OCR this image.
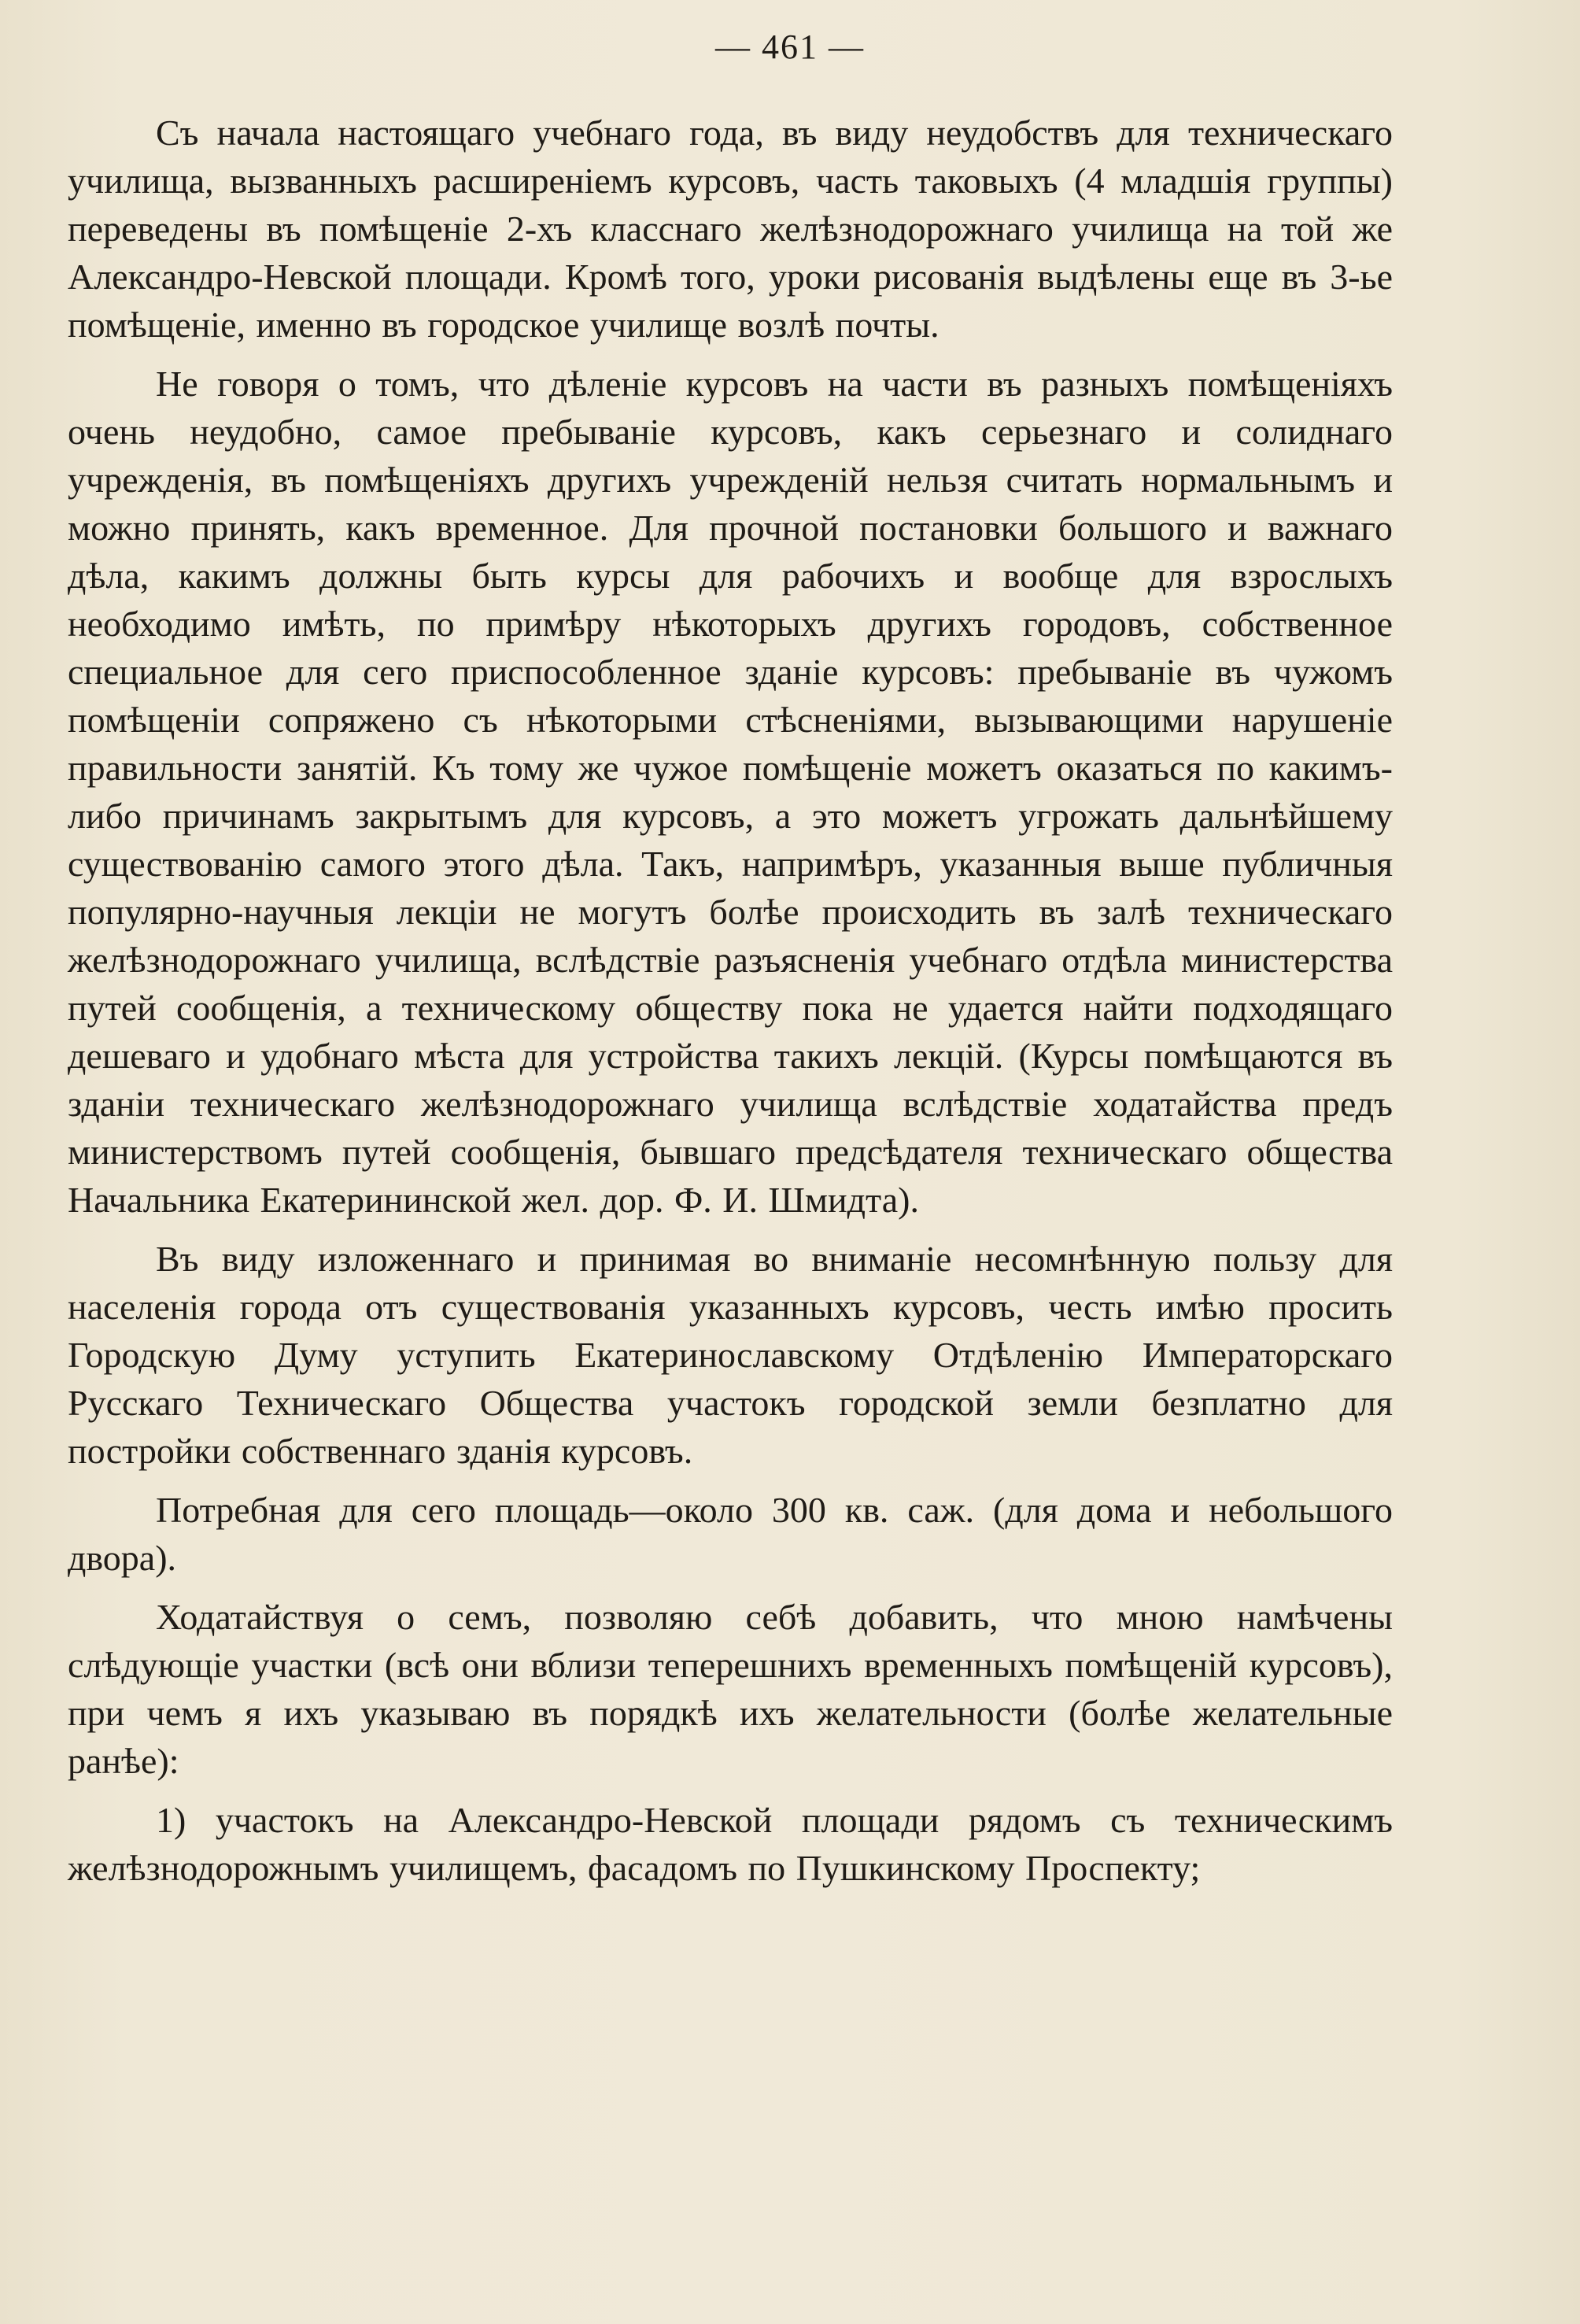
— 461 —

Съ начала настоящаго учебнаго года, въ виду неудобствъ для техническаго училища, вызванныхъ расширеніемъ курсовъ, часть таковыхъ (4 младшія группы) переведены въ помѣщеніе 2-хъ класснаго желѣзнодорожнаго училища на той же Александро-Невской площади. Кромѣ того, уроки рисованія выдѣлены еще въ 3-ье помѣщеніе, именно въ городское училище возлѣ почты.

Не говоря о томъ, что дѣленіе курсовъ на части въ разныхъ помѣщеніяхъ очень неудобно, самое пребываніе курсовъ, какъ серьезнаго и солиднаго учрежденія, въ помѣщеніяхъ другихъ учрежденій нельзя считать нормальнымъ и можно принять, какъ временное. Для прочной постановки большого и важнаго дѣла, какимъ должны быть курсы для рабочихъ и вообще для взрослыхъ необходимо имѣть, по примѣру нѣкоторыхъ другихъ городовъ, собственное специальное для сего приспособленное зданіе курсовъ: пребываніе въ чужомъ помѣщеніи сопряжено съ нѣкоторыми стѣсненіями, вызывающими нарушеніе правильности занятій. Къ тому же чужое помѣщеніе можетъ оказаться по какимъ-либо причинамъ закрытымъ для курсовъ, а это можетъ угрожать дальнѣйшему существованію самого этого дѣла. Такъ, напримѣръ, указанныя выше публичныя популярно-научныя лекціи не могутъ болѣе происходить въ залѣ техническаго желѣзнодорожнаго училища, вслѣдствіе разъясненія учебнаго отдѣла министерства путей сообщенія, а техническому обществу пока не удается найти подходящаго дешеваго и удобнаго мѣста для устройства такихъ лекцій. (Курсы помѣщаются въ зданіи техническаго желѣзнодорожнаго училища вслѣдствіе ходатайства предъ министерствомъ путей сообщенія, бывшаго предсѣдателя техническаго общества Начальника Екатерининской жел. дор. Ф. И. Шмидта).

Въ виду изложеннаго и принимая во вниманіе несомнѣнную пользу для населенія города отъ существованія указанныхъ курсовъ, честь имѣю просить Городскую Думу уступить Екатеринославскому Отдѣленію Императорскаго Русскаго Техническаго Общества участокъ городской земли безплатно для постройки собственнаго зданія курсовъ.

Потребная для сего площадь—около 300 кв. саж. (для дома и небольшого двора).

Ходатайствуя о семъ, позволяю себѣ добавить, что мною намѣчены слѣдующіе участки (всѣ они вблизи теперешнихъ временныхъ помѣщеній курсовъ), при чемъ я ихъ указываю въ порядкѣ ихъ желательности (болѣе желательные ранѣе):

1) участокъ на Александро-Невской площади рядомъ съ техническимъ желѣзнодорожнымъ училищемъ, фасадомъ по Пушкинскому Проспекту;
